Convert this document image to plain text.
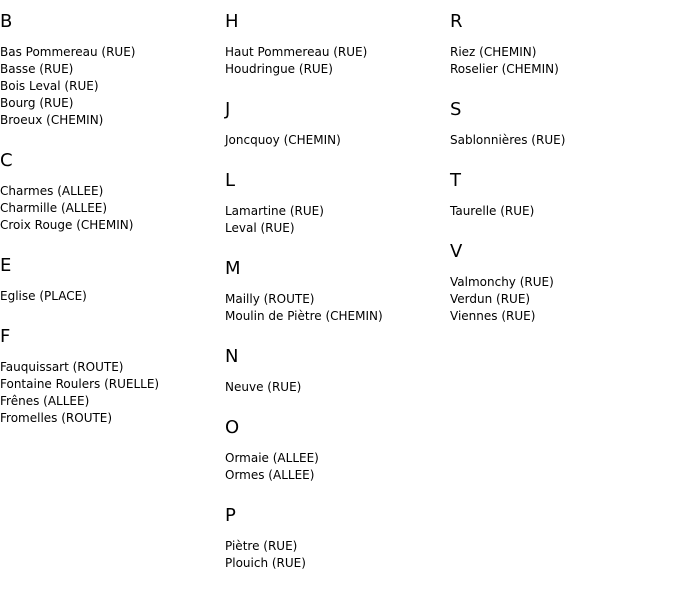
B
Bas Pommereau (RUE)
Basse (RUE)
Bois Leval (RUE)
Bourg (RUE)
Broeux (CHEMIN)
C
Charmes (ALLEE)
Charmille (ALLEE)
Croix Rouge (CHEMIN)
E
Eglise (PLACE)
F
Fauquissart (ROUTE)
Fontaine Roulers (RUELLE)
Frênes (ALLEE)
Fromelles (ROUTE)
H
Haut Pommereau (RUE)
Houdringue (RUE)
J
Joncquoy (CHEMIN)
L
Lamartine (RUE)
Leval (RUE)
M
Mailly (ROUTE)
Moulin de Piètre (CHEMIN)
N
Neuve (RUE)
O
Ormaie (ALLEE)
Ormes (ALLEE)
P
Piètre (RUE)
Plouich (RUE)
R
Riez (CHEMIN)
Roselier (CHEMIN)
S
Sablonnières (RUE)
T
Taurelle (RUE)
V
Valmonchy (RUE)
Verdun (RUE)
Viennes (RUE)
